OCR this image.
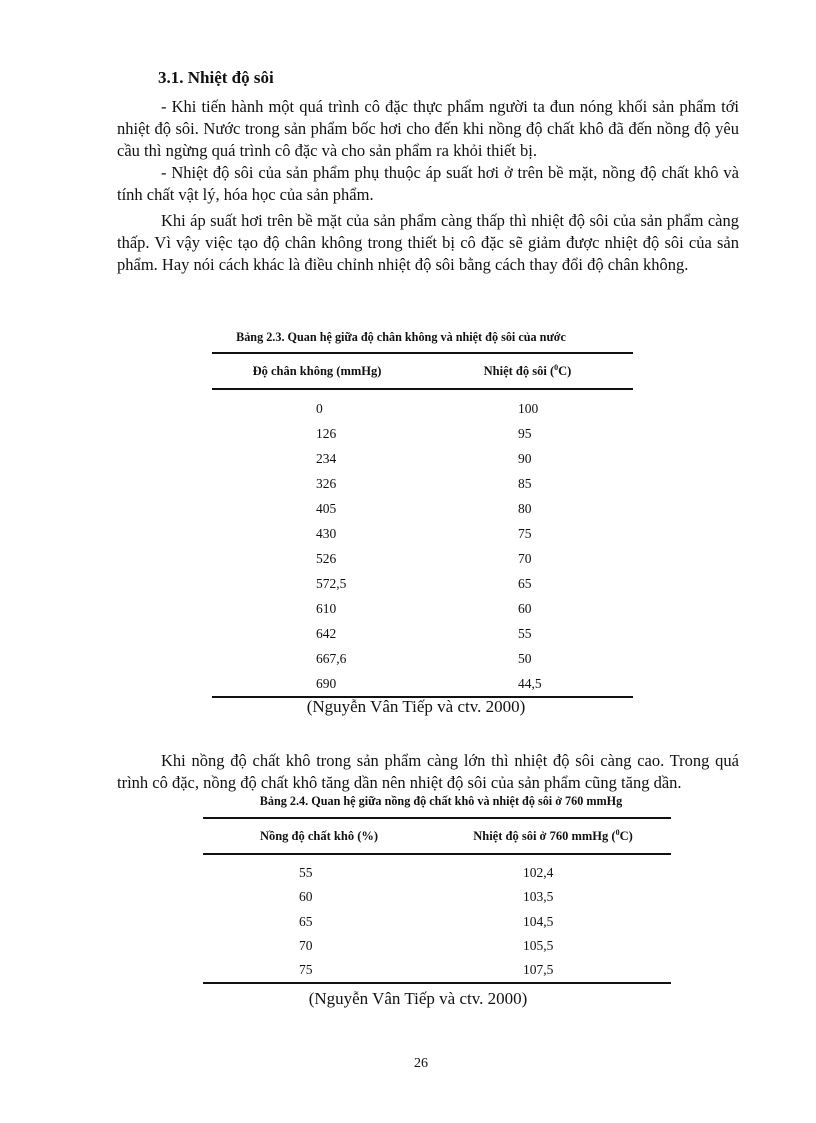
3.1. Nhiệt độ sôi

- Khi tiến hành một quá trình cô đặc thực phẩm người ta đun nóng khối sản phẩm tới nhiệt độ sôi. Nước trong sản phẩm bốc hơi cho đến khi nồng độ chất khô đã đến nồng độ yêu cầu thì ngừng quá trình cô đặc và cho sản phẩm ra khỏi thiết bị.

- Nhiệt độ sôi của sản phẩm phụ thuộc áp suất hơi ở trên bề mặt, nồng độ chất khô và tính chất vật lý, hóa học của sản phẩm.

Khi áp suất hơi trên bề mặt của sản phẩm càng thấp thì nhiệt độ sôi của sản phẩm càng thấp. Vì vậy việc tạo độ chân không trong thiết bị cô đặc sẽ giảm được nhiệt độ sôi của sản phẩm. Hay nói cách khác là điều chỉnh nhiệt độ sôi bằng cách thay đổi độ chân không.

Bảng 2.3. Quan hệ giữa độ chân không và nhiệt độ sôi của nước

Độ chân không (mmHg)	Nhiệt độ sôi ($^0$C)
0	100
126	95
234	90
326	85
405	80
430	75
526	70
572,5	65
610	60
642	55
667,6	50
690	44,5

(Nguyễn Vân Tiếp và ctv. 2000)

Khi nồng độ chất khô trong sản phẩm càng lớn thì nhiệt độ sôi càng cao. Trong quá trình cô đặc, nồng độ chất khô tăng dần nên nhiệt độ sôi của sản phẩm cũng tăng dần.

Bảng 2.4. Quan hệ giữa nồng độ chất khô và nhiệt độ sôi ở 760 mmHg

Nồng độ chất khô (%)	Nhiệt độ sôi ở 760 mmHg ($^0$C)
55	102,4
60	103,5
65	104,5
70	105,5
75	107,5

(Nguyễn Vân Tiếp và ctv. 2000)

26
